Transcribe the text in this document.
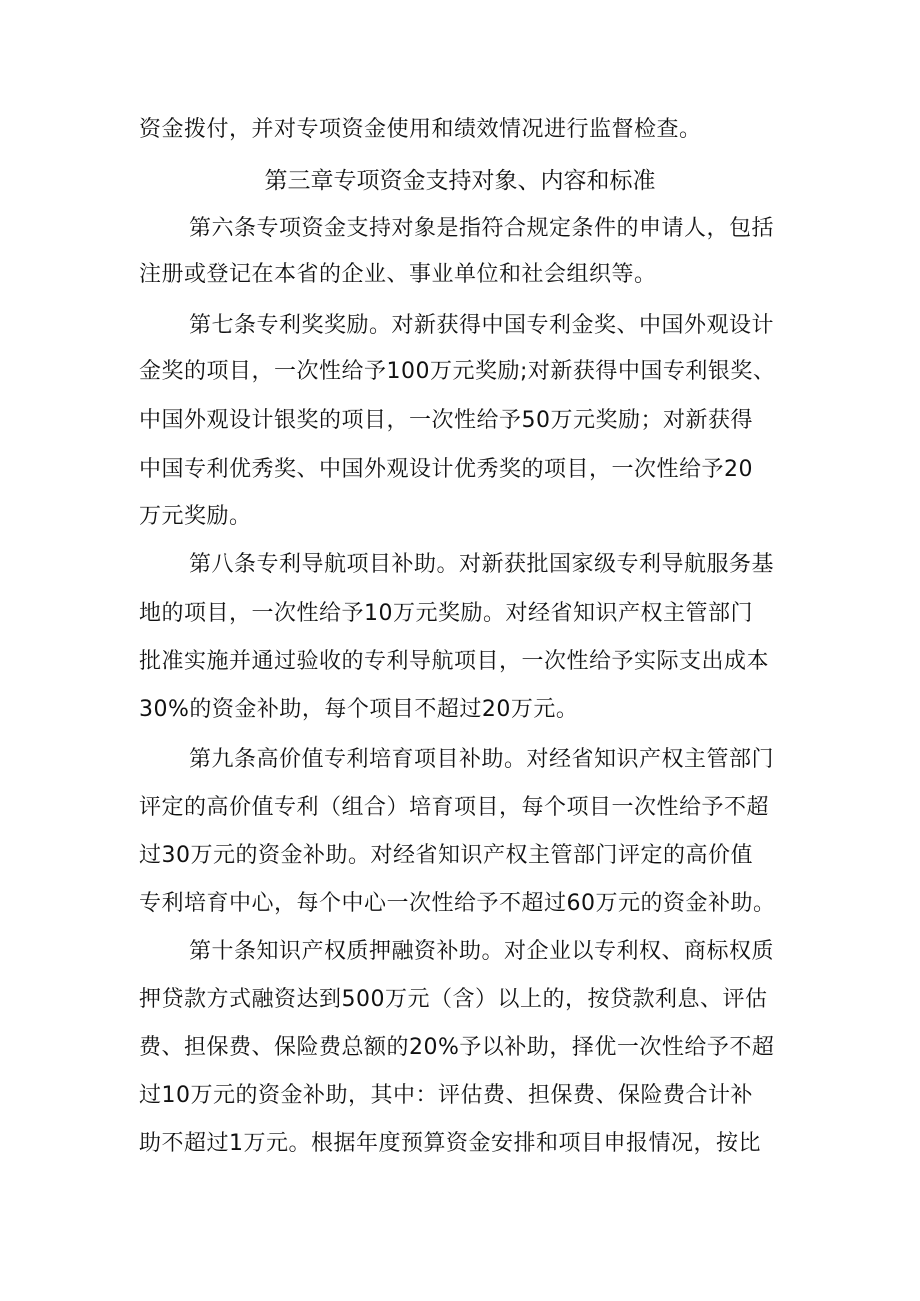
资金拨付，并对专项资金使用和绩效情况进行监督检查。
第三章专项资金支持对象、内容和标准
第六条专项资金支持对象是指符合规定条件的申请人，包括
注册或登记在本省的企业、事业单位和社会组织等。
第七条专利奖奖励。对新获得中国专利金奖、中国外观设计
金奖的项目，一次性给予100万元奖励;对新获得中国专利银奖、
中国外观设计银奖的项目，一次性给予50万元奖励；对新获得
中国专利优秀奖、中国外观设计优秀奖的项目，一次性给予20
万元奖励。
第八条专利导航项目补助。对新获批国家级专利导航服务基
地的项目，一次性给予10万元奖励。对经省知识产权主管部门
批准实施并通过验收的专利导航项目，一次性给予实际支出成本
30%的资金补助，每个项目不超过20万元。
第九条高价值专利培育项目补助。对经省知识产权主管部门
评定的高价值专利（组合）培育项目，每个项目一次性给予不超
过30万元的资金补助。对经省知识产权主管部门评定的高价值
专利培育中心，每个中心一次性给予不超过60万元的资金补助。
第十条知识产权质押融资补助。对企业以专利权、商标权质
押贷款方式融资达到500万元（含）以上的，按贷款利息、评估
费、担保费、保险费总额的20%予以补助，择优一次性给予不超
过10万元的资金补助，其中：评估费、担保费、保险费合计补
助不超过1万元。根据年度预算资金安排和项目申报情况，按比
